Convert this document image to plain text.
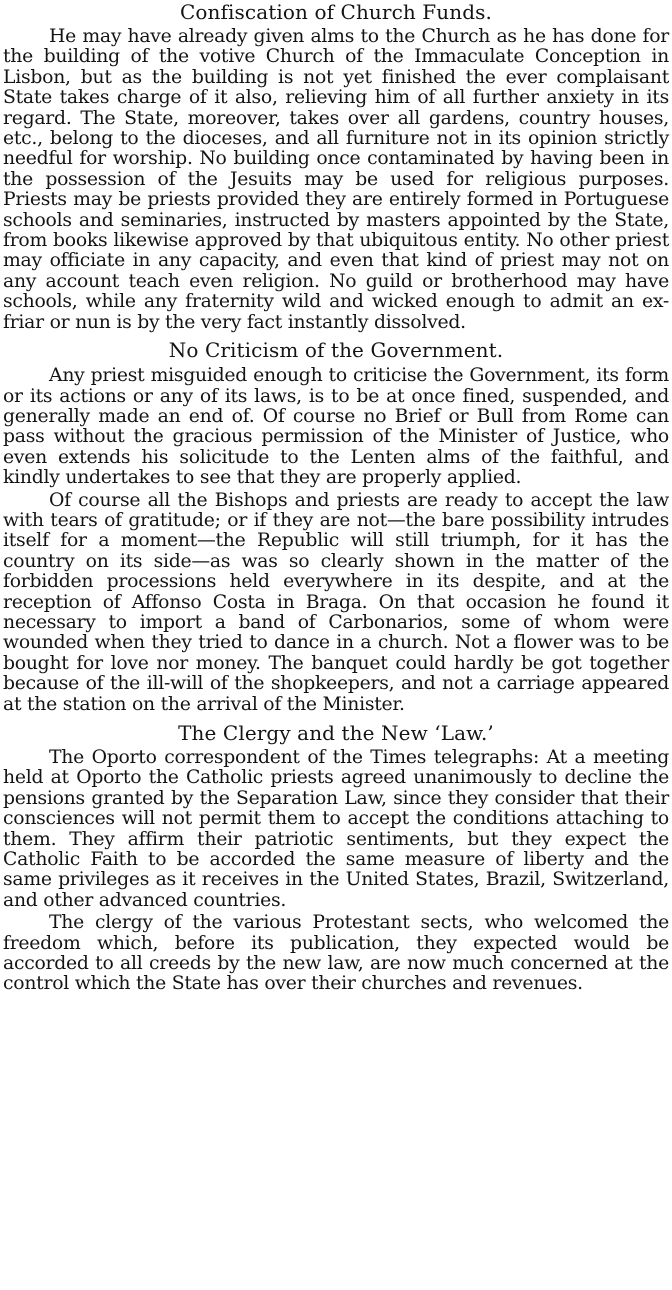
Confiscation of Church Funds.

He may have already given alms to the Church as he has done for the building of the votive Church of the Immaculate Conception in Lisbon, but as the building is not yet finished the ever complaisant State takes charge of it also, relieving him of all further anxiety in its regard. The State, moreover, takes over all gardens, country houses, etc., belong to the dioceses, and all furniture not in its opinion strictly needful for worship. No building once contaminated by having been in the possession of the Jesuits may be used for religious purposes. Priests may be priests provided they are entirely formed in Portuguese schools and seminaries, instructed by masters appointed by the State, from books likewise approved by that ubiquitous entity. No other priest may officiate in any capacity, and even that kind of priest may not on any account teach even religion. No guild or brotherhood may have schools, while any fraternity wild and wicked enough to admit an ex-friar or nun is by the very fact instantly dissolved.

No Criticism of the Government.

Any priest misguided enough to criticise the Government, its form or its actions or any of its laws, is to be at once fined, suspended, and generally made an end of. Of course no Brief or Bull from Rome can pass without the gracious permission of the Minister of Justice, who even extends his solicitude to the Lenten alms of the faithful, and kindly undertakes to see that they are properly applied.

Of course all the Bishops and priests are ready to accept the law with tears of gratitude; or if they are not—the bare possibility intrudes itself for a moment—the Republic will still triumph, for it has the country on its side—as was so clearly shown in the matter of the forbidden processions held everywhere in its despite, and at the reception of Affonso Costa in Braga. On that occasion he found it necessary to import a band of Carbonarios, some of whom were wounded when they tried to dance in a church. Not a flower was to be bought for love nor money. The banquet could hardly be got together because of the ill-will of the shopkeepers, and not a carriage appeared at the station on the arrival of the Minister.

The Clergy and the New ‘Law.’

The Oporto correspondent of the Times telegraphs: At a meeting held at Oporto the Catholic priests agreed unanimously to decline the pensions granted by the Separation Law, since they consider that their consciences will not permit them to accept the conditions attaching to them. They affirm their patriotic sentiments, but they expect the Catholic Faith to be accorded the same measure of liberty and the same privileges as it receives in the United States, Brazil, Switzerland, and other advanced countries.

The clergy of the various Protestant sects, who welcomed the freedom which, before its publication, they expected would be accorded to all creeds by the new law, are now much concerned at the control which the State has over their churches and revenues.
